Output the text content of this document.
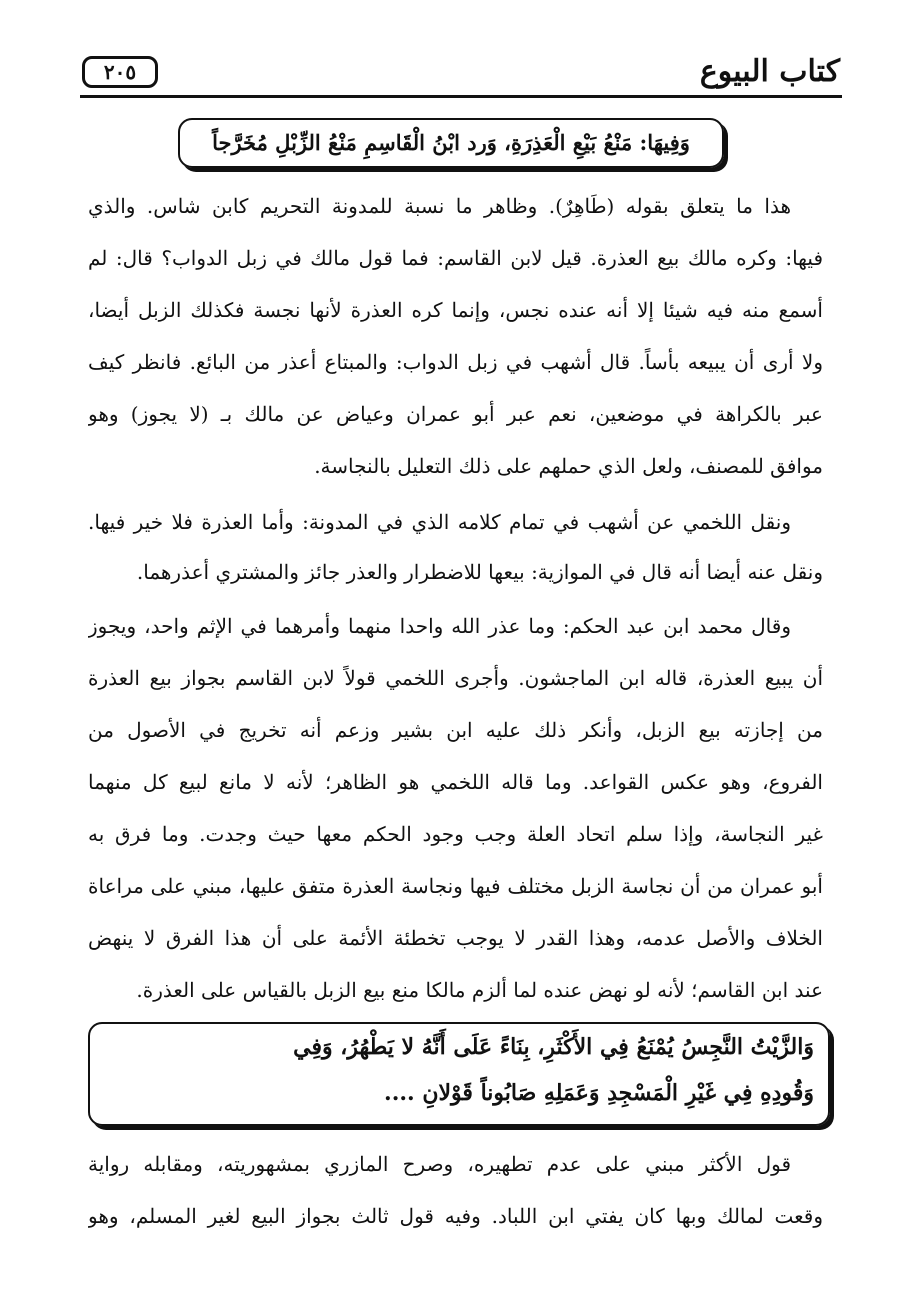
كتاب البيوع
٢٠٥
وَفِيهَا: مَنْعُ بَيْعِ الْعَذِرَةِ، وَرد ابْنُ الْقَاسِمِ مَنْعُ الزِّبْلِ مُخَرَّجاً
هذا ما يتعلق بقوله (طَاهِرٌ). وظاهر ما نسبة للمدونة التحريم كابن شاس. والذي
فيها: وكره مالك بيع العذرة. قيل لابن القاسم: فما قول مالك في زبل الدواب؟ قال: لم
أسمع منه فيه شيئا إلا أنه عنده نجس، وإنما كره العذرة لأنها نجسة فكذلك الزبل أيضا،
ولا أرى أن يبيعه بأساً. قال أشهب في زبل الدواب: والمبتاع أعذر من البائع. فانظر كيف
عبر بالكراهة في موضعين، نعم عبر أبو عمران وعياض عن مالك بـ (لا يجوز) وهو
موافق للمصنف، ولعل الذي حملهم على ذلك التعليل بالنجاسة.
ونقل اللخمي عن أشهب في تمام كلامه الذي في المدونة: وأما العذرة فلا خير فيها.
ونقل عنه أيضا أنه قال في الموازية: بيعها للاضطرار والعذر جائز والمشتري أعذرهما.
وقال محمد ابن عبد الحكم: وما عذر الله واحدا منهما وأمرهما في الإثم واحد، ويجوز
أن يبيع العذرة، قاله ابن الماجشون. وأجرى اللخمي قولاً لابن القاسم بجواز بيع العذرة
من إجازته بيع الزبل، وأنكر ذلك عليه ابن بشير وزعم أنه تخريج في الأصول من
الفروع، وهو عكس القواعد. وما قاله اللخمي هو الظاهر؛ لأنه لا مانع لبيع كل منهما
غير النجاسة، وإذا سلم اتحاد العلة وجب وجود الحكم معها حيث وجدت. وما فرق به
أبو عمران من أن نجاسة الزبل مختلف فيها ونجاسة العذرة متفق عليها، مبني على مراعاة
الخلاف والأصل عدمه، وهذا القدر لا يوجب تخطئة الأئمة على أن هذا الفرق لا ينهض
عند ابن القاسم؛ لأنه لو نهض عنده لما ألزم مالكا منع بيع الزبل بالقياس على العذرة.
وَالزَّيْتُ النَّجِسُ يُمْنَعُ فِي الأَكْثَرِ، بِنَاءً عَلَى أَنَّهُ لا يَطْهُرُ، وَفِي
وَقُودِهِ فِي غَيْرِ الْمَسْجِدِ وَعَمَلِهِ صَابُوناً قَوْلانِ ....
قول الأكثر مبني على عدم تطهيره، وصرح المازري بمشهوريته، ومقابله رواية
وقعت لمالك وبها كان يفتي ابن اللباد. وفيه قول ثالث بجواز البيع لغير المسلم، وهو
